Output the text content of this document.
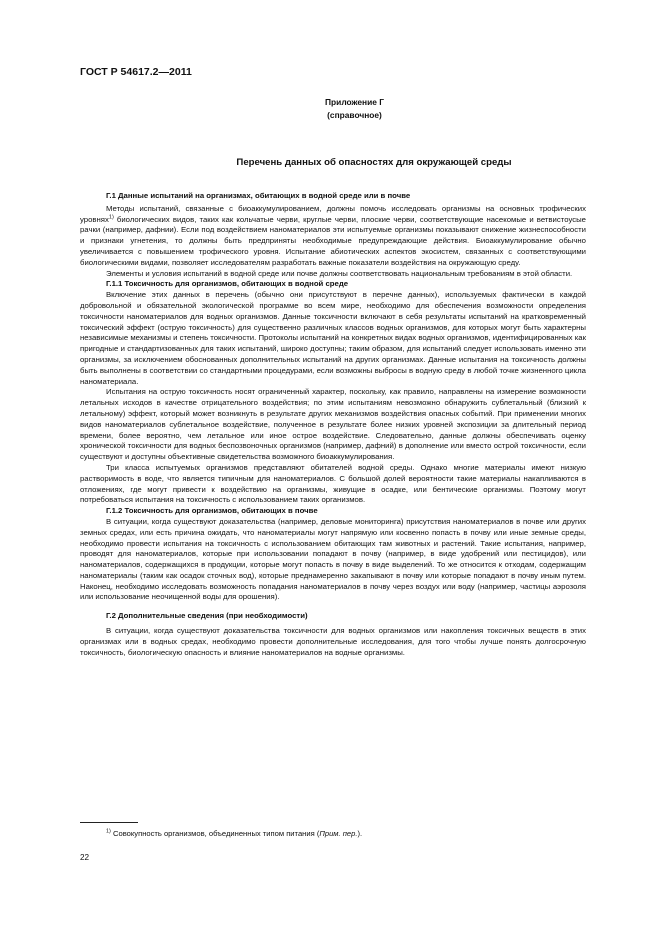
ГОСТ Р 54617.2—2011
Приложение Г
(справочное)
Перечень данных об опасностях для окружающей среды
Г.1 Данные испытаний на организмах, обитающих в водной среде или в почве

Методы испытаний, связанные с биоаккумулированием, должны помочь исследовать организмы на основных трофических уровнях$^{1)}$ биологических видов, таких как кольчатые черви, круглые черви, плоские черви, соответствующие насекомые и ветвистоусые рачки (например, дафнии). Если под воздействием наноматериалов эти испытуемые организмы показывают снижение жизнеспособности и признаки угнетения, то должны быть предприняты необходимые предупреждающие действия. Биоаккумулирование обычно увеличивается с повышением трофического уровня. Испытание абиотических аспектов экосистем, связанных с соответствующими биологическими видами, позволяет исследователям разработать важные показатели воздействия на окружающую среду.

Элементы и условия испытаний в водной среде или почве должны соответствовать национальным требованиям в этой области.

Г.1.1 Токсичность для организмов, обитающих в водной среде

Включение этих данных в перечень (обычно они присутствуют в перечне данных), используемых фактически в каждой добровольной и обязательной экологической программе во всем мире, необходимо для обеспечения возможности определения токсичности наноматериалов для водных организмов. Данные токсичности включают в себя результаты испытаний на кратковременный токсический эффект (острую токсичность) для существенно различных классов водных организмов, для которых могут быть характерны независимые механизмы и степень токсичности. Протоколы испытаний на конкретных видах водных организмов, идентифицированных как пригодные и стандартизованных для таких испытаний, широко доступны; таким образом, для испытаний следует использовать именно эти организмы, за исключением обоснованных дополнительных испытаний на других организмах. Данные испытания на токсичность должны быть выполнены в соответствии со стандартными процедурами, если возможны выбросы в водную среду в любой точке жизненного цикла наноматериала.

Испытания на острую токсичность носят ограниченный характер, поскольку, как правило, направлены на измерение возможности летальных исходов в качестве отрицательного воздействия; по этим испытаниям невозможно обнаружить сублетальный (близкий к летальному) эффект, который может возникнуть в результате других механизмов воздействия опасных событий. При применении многих видов наноматериалов сублетальное воздействие, полученное в результате более низких уровней экспозиции за длительный период времени, более вероятно, чем летальное или иное острое воздействие. Следовательно, данные должны обеспечивать оценку хронической токсичности для водных беспозвоночных организмов (например, дафний) в дополнение или вместо острой токсичности, если существуют и доступны объективные свидетельства возможного биоаккумулирования.

Три класса испытуемых организмов представляют обитателей водной среды. Однако многие материалы имеют низкую растворимость в воде, что является типичным для наноматериалов. С большой долей вероятности такие материалы накапливаются в отложениях, где могут привести к воздействию на организмы, живущие в осадке, или бентические организмы. Поэтому могут потребоваться испытания на токсичность с использованием таких организмов.

Г.1.2 Токсичность для организмов, обитающих в почве

В ситуации, когда существуют доказательства (например, деловые мониторинга) присутствия наноматериалов в почве или других земных средах, или есть причина ожидать, что наноматериалы могут напрямую или косвенно попасть в почву или иные земные среды, необходимо провести испытания на токсичность с использованием обитающих там животных и растений. Такие испытания, например, проводят для наноматериалов, которые при использовании попадают в почву (например, в виде удобрений или пестицидов), или наноматериалов, содержащихся в продукции, которые могут попасть в почву в виде выделений. То же относится к отходам, содержащим наноматериалы (таким как осадок сточных вод), которые преднамеренно закапывают в почву или которые попадают в почву иным путем. Наконец, необходимо исследовать возможность попадания наноматериалов в почву через воздух или воду (например, частицы аэрозоля или использование неочищенной воды для орошения).

Г.2 Дополнительные сведения (при необходимости)

В ситуации, когда существуют доказательства токсичности для водных организмов или накопления токсичных веществ в этих организмах или в водных средах, необходимо провести дополнительные исследования, для того чтобы лучше понять долгосрочную токсичность, биологическую опасность и влияние наноматериалов на водные организмы.

$^{1)}$ Совокупность организмов, объединенных типом питания (Прим. пер.).
22
